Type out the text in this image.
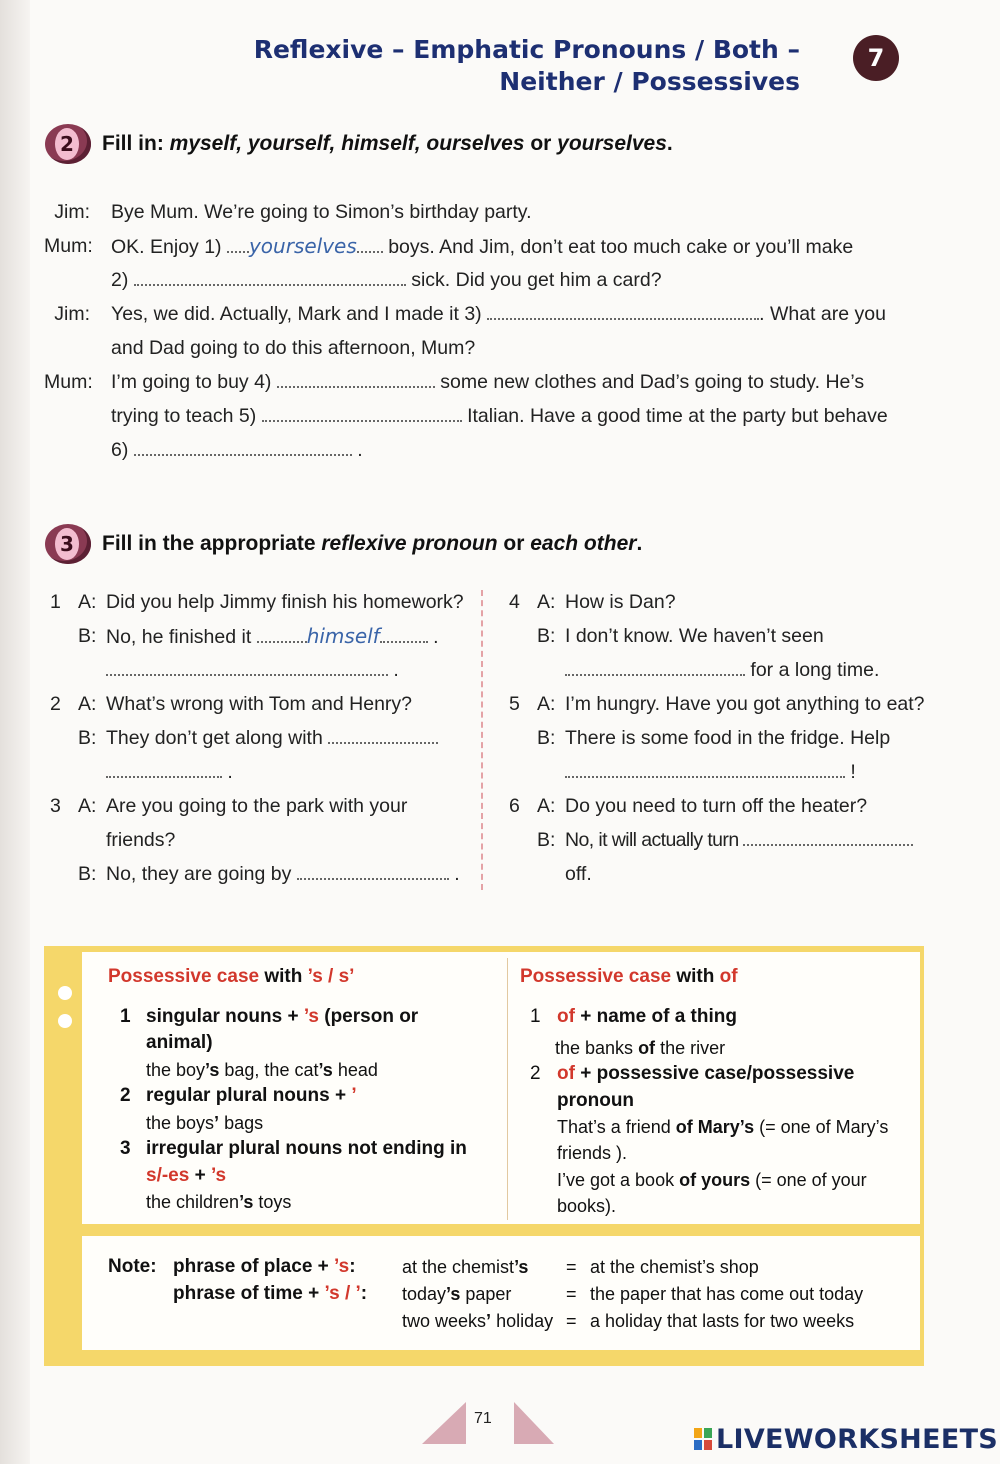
Reflexive – Emphatic Pronouns / Both –
Neither / Possessives
7
2 Fill in: myself, yourself, himself, ourselves or yourselves.
Jim: Bye Mum. We’re going to Simon’s birthday party.
Mum: OK. Enjoy 1) yourselves boys. And Jim, don’t eat too much cake or you’ll make
2)	sick. Did you get him a card?
Jim: Yes, we did. Actually, Mark and I made it 3)	. What are you
and Dad going to do this afternoon, Mum?
Mum: I’m going to buy 4)	some new clothes and Dad’s going to study. He’s
trying to teach 5)	Italian. Have a good time at the party but behave
6)	.
3 Fill in the appropriate reflexive pronoun or each other.
1 A: Did you help Jimmy finish his homework?
B: No, he finished it	himself	.
.
2 A: What’s wrong with Tom and Henry?
B: They don’t get along with
.
3 A: Are you going to the park with your
friends?
B: No, they are going by	.
4 A: How is Dan?
B: I don’t know. We haven’t seen
for a long time.
5 A: I’m hungry. Have you got anything to eat?
B: There is some food in the fridge. Help
!
6 A: Do you need to turn off the heater?
B: No, it will actually turn
off.
Possessive case with ’s / s’
1 singular nouns + ’s (person or
animal)
the boy’s bag, the cat’s head
2 regular plural nouns + ’
the boys’ bags
3 irregular plural nouns not ending in
s/-es + ’s
the children’s toys
Possessive case with of
1 of + name of a thing
the banks of the river
2 of + possessive case/possessive
pronoun
That’s a friend of Mary’s (= one of Mary’s
friends ).
I’ve got a book of yours (= one of your
books).
Note: phrase of place + ’s:	at the chemist’s = at the chemist’s shop
phrase of time + ’s / ’: today’s paper	= the paper that has come out today
two weeks’ holiday = a holiday that lasts for two weeks
71
LIVEWORKSHEETS
